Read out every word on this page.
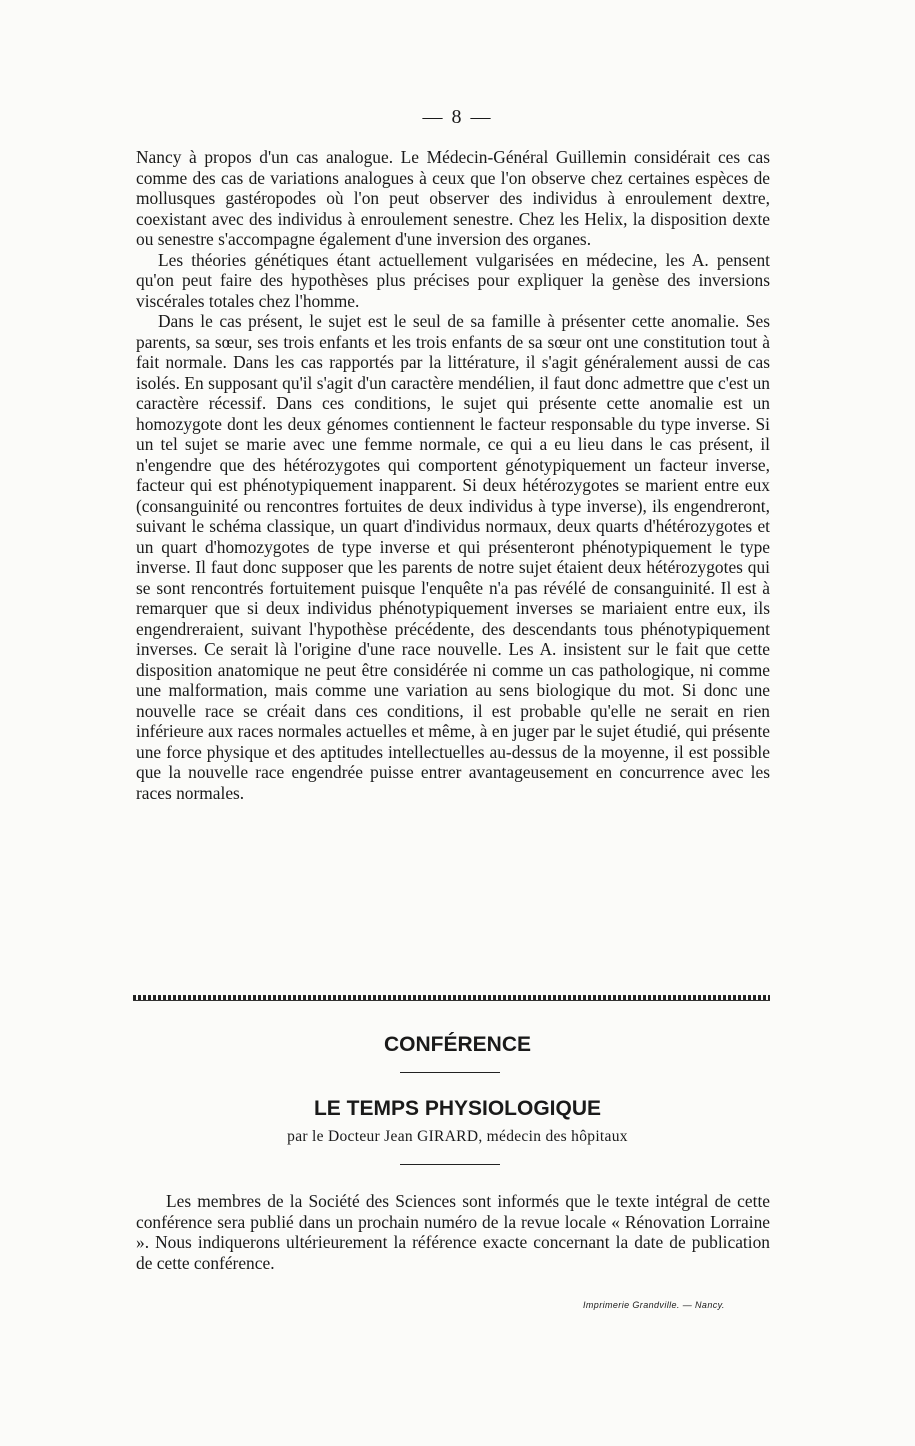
— 8 —

Nancy à propos d'un cas analogue. Le Médecin-Général Guillemin considérait ces cas comme des cas de variations analogues à ceux que l'on observe chez certaines espèces de mollusques gastéropodes où l'on peut observer des individus à enroulement dextre, coexistant avec des individus à enroulement senestre. Chez les Helix, la disposition dexte ou senestre s'accompagne également d'une inversion des organes.

Les théories génétiques étant actuellement vulgarisées en médecine, les A. pensent qu'on peut faire des hypothèses plus précises pour expliquer la genèse des inversions viscérales totales chez l'homme.

Dans le cas présent, le sujet est le seul de sa famille à présenter cette anomalie. Ses parents, sa sœur, ses trois enfants et les trois enfants de sa sœur ont une constitution tout à fait normale. Dans les cas rapportés par la littérature, il s'agit généralement aussi de cas isolés. En supposant qu'il s'agit d'un caractère mendélien, il faut donc admettre que c'est un caractère récessif. Dans ces conditions, le sujet qui présente cette anomalie est un homozygote dont les deux génomes contiennent le facteur responsable du type inverse. Si un tel sujet se marie avec une femme normale, ce qui a eu lieu dans le cas présent, il n'engendre que des hétérozygotes qui comportent génotypiquement un facteur inverse, facteur qui est phénotypiquement inapparent. Si deux hétérozygotes se marient entre eux (consanguinité ou rencontres fortuites de deux individus à type inverse), ils engendreront, suivant le schéma classique, un quart d'individus normaux, deux quarts d'hétérozygotes et un quart d'homozygotes de type inverse et qui présenteront phénotypiquement le type inverse. Il faut donc supposer que les parents de notre sujet étaient deux hétérozygotes qui se sont rencontrés fortuitement puisque l'enquête n'a pas révélé de consanguinité. Il est à remarquer que si deux individus phénotypiquement inverses se mariaient entre eux, ils engendreraient, suivant l'hypothèse précédente, des descendants tous phénotypiquement inverses. Ce serait là l'origine d'une race nouvelle. Les A. insistent sur le fait que cette disposition anatomique ne peut être considérée ni comme un cas pathologique, ni comme une malformation, mais comme une variation au sens biologique du mot. Si donc une nouvelle race se créait dans ces conditions, il est probable qu'elle ne serait en rien inférieure aux races normales actuelles et même, à en juger par le sujet étudié, qui présente une force physique et des aptitudes intellectuelles au-dessus de la moyenne, il est possible que la nouvelle race engendrée puisse entrer avantageusement en concurrence avec les races normales.

CONFÉRENCE
LE TEMPS PHYSIOLOGIQUE
par le Docteur Jean GIRARD, médecin des hôpitaux

Les membres de la Société des Sciences sont informés que le texte intégral de cette conférence sera publié dans un prochain numéro de la revue locale « Rénovation Lorraine ». Nous indiquerons ultérieurement la référence exacte concernant la date de publication de cette conférence.

Imprimerie Grandville. — Nancy.
